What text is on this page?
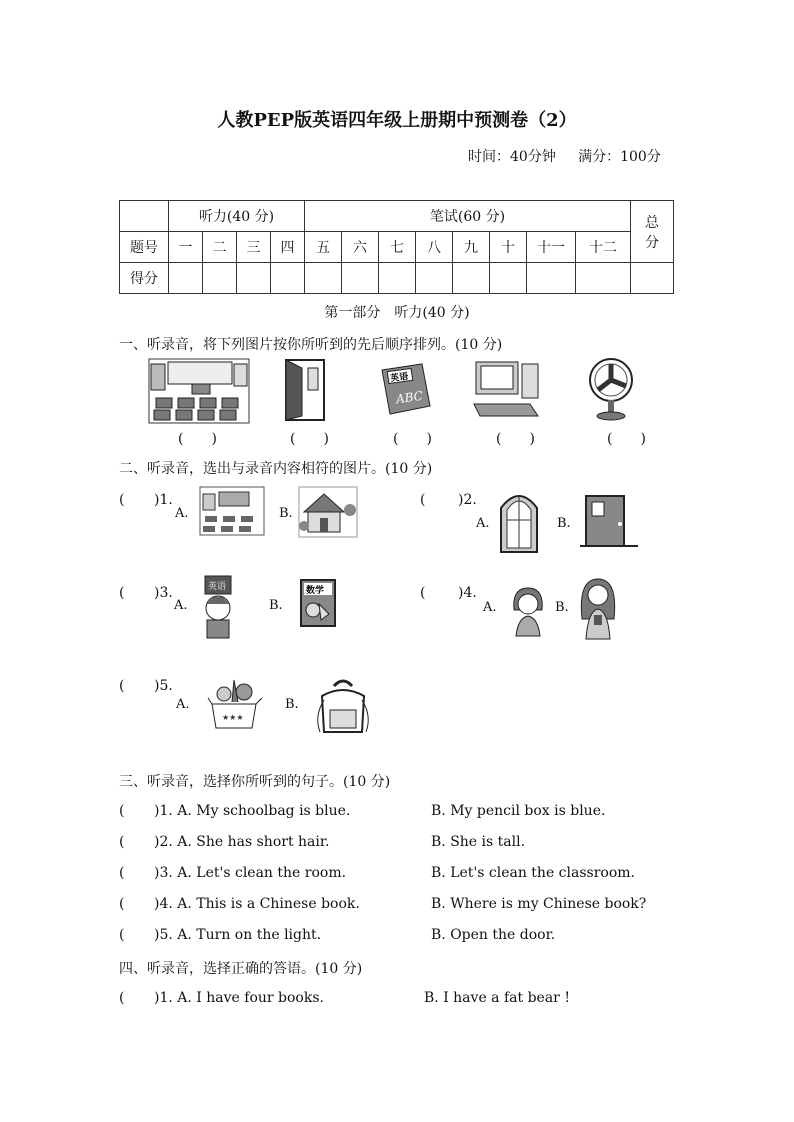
人教PEP版英语四年级上册期中预测卷（2）
时间：40分钟 满分：100分
	听力(40 分)				笔试(60 分)								总
分
题号	一	二	三	四	五	六	七	八	九	十	十一	十二	
得分													
第一部分　听力(40 分)
一、听录音，将下列图片按你所听到的先后顺序排列。(10 分)
英语
ABC
(　　)	(　　)	(　　)	(　　)	(　　)
二、听录音，选出与录音内容相符的图片。(10 分)
( )1.
A.	B.
( )2.
A.	B.
( )3.
A.
英语
B.
数学	( )4.
A.	B.
( )5.
A.
★★★
B.
三、听录音，选择你所听到的句子。(10 分)
( )1. A. My schoolbag is blue.	B. My pencil box is blue.
( )2. A. She has short hair.	B. She is tall.
( )3. A. Let's clean the room.	B. Let's clean the classroom.
( )4. A. This is a Chinese book.	B. Where is my Chinese book?
( )5. A. Turn on the light.	B. Open the door.
四、听录音，选择正确的答语。(10 分)
( )1. A. I have four books.	B. I have a fat bear !
